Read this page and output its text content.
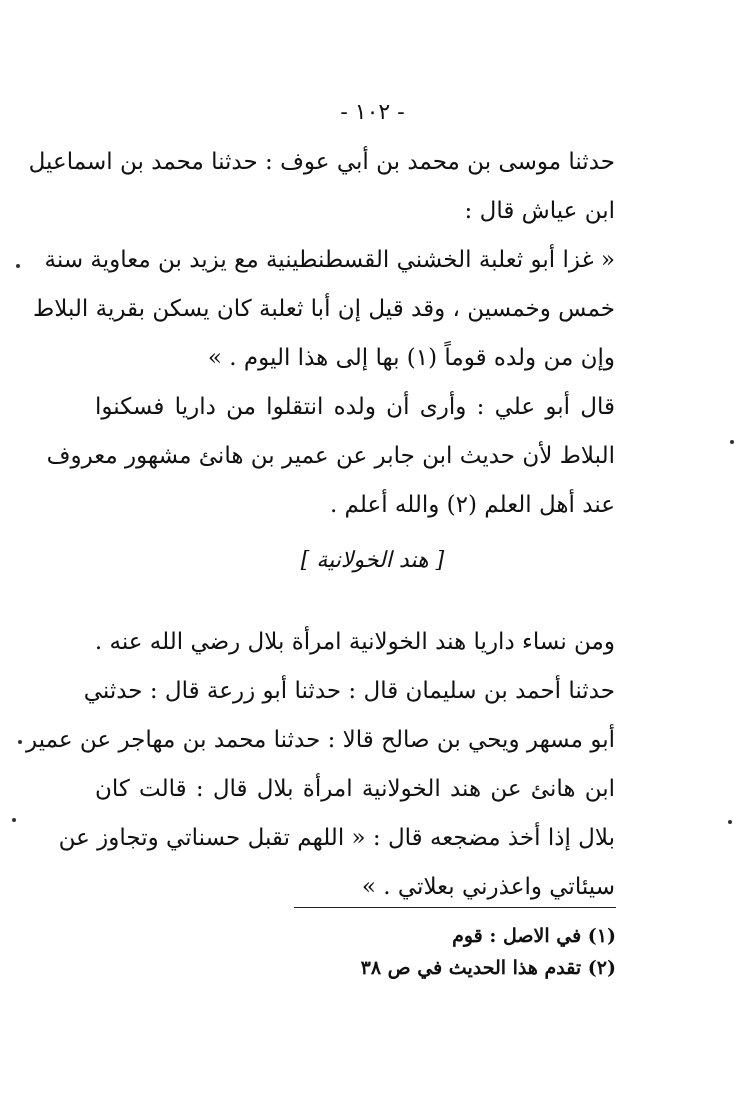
- ١٠٢ -
حدثنا موسى بن محمد بن أبي عوف : حدثنا محمد بن اسماعيل
ابن عياش قال :
« غزا أبو ثعلبة الخشني القسطنطينية مع يزيد بن معاوية سنة
خمس وخمسين ، وقد قيل إن أبا ثعلبة كان يسكن بقرية البلاط
وإن من ولده قوماً (١) بها إلى هذا اليوم . »
قال أبو علي : وأرى أن ولده انتقلوا من داريا فسكنوا
البلاط لأن حديث ابن جابر عن عمير بن هانئ مشهور معروف
عند أهل العلم (٢) والله أعلم .
[ هند الخولانية ]
ومن نساء داريا هند الخولانية امرأة بلال رضي الله عنه .
حدثنا أحمد بن سليمان قال : حدثنا أبو زرعة قال : حدثني
أبو مسهر ويحي بن صالح قالا : حدثنا محمد بن مهاجر عن عمير
ابن هانئ عن هند الخولانية امرأة بلال قال : قالت كان
بلال إذا أخذ مضجعه قال : « اللهم تقبل حسناتي وتجاوز عن
سيئاتي واعذرني بعلاتي . »
(١) في الاصل : قوم
(٢) تقدم هذا الحديث في ص ٣٨
